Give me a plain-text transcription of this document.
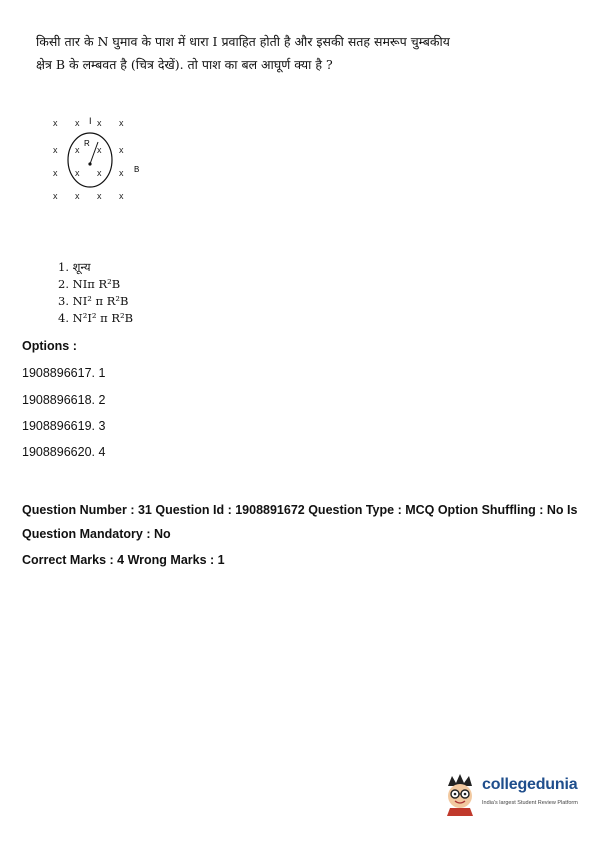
किसी तार के N घुमाव के पाश में धारा I प्रवाहित होती है और इसकी सतह समरूप चुम्बकीय
क्षेत्र B के लम्बवत है (चित्र देखें). तो पाश का बल आघूर्ण क्या है ?
x x x x
x x x x
x x x x
x x x x
I
R
B
1. शून्य
2. NIπ R²B
3. NI² π R²B
4. N²I² π R²B
Options :
1908896617. 1
1908896618. 2
1908896619. 3
1908896620. 4
Question Number : 31 Question Id : 1908891672 Question Type : MCQ Option Shuffling : No Is
Question Mandatory : No
Correct Marks : 4 Wrong Marks : 1
collegedunia
India's largest Student Review Platform
